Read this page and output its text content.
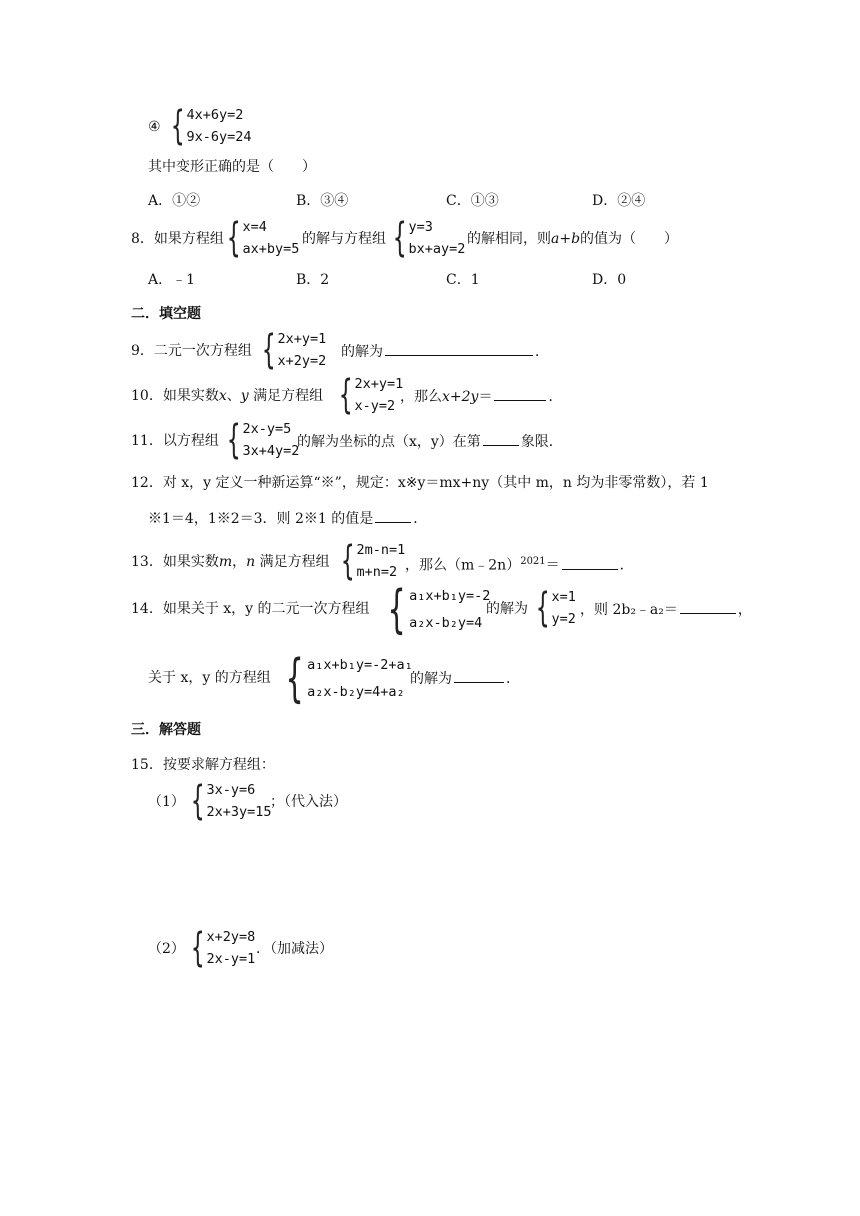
④ { 4x+6y=2
9x-6y=24
其中变形正确的是（　　）
A．①②	B．③④	C．①③	D．②④
8．如果方程组 { x=4
ax+by=5
的解与方程组 { y=3
bx+ay=2
的解相同，则a+b的值为（　　）
A．﹣1	B．2	C．1	D．0
二．填空题
9．二元一次方程组 { 2x+y=1
x+2y=2
的解为	．
10．如果实数x、y 满足方程组 { 2x+y=1
x-y=2
，那么x+2y＝	．
11．以方程组 { 2x-y=5
3x+4y=2
的解为坐标的点（x，y）在第	象限．
12．对 x，y 定义一种新运算“※”，规定：x※y＝mx+ny（其中 m，n 均为非零常数），若 1
※1＝4，1※2＝3．则 2※1 的值是	．
13．如果实数m，n 满足方程组 { 2m-n=1
m+n=2 ，那么（m﹣2n）$^{2021}$＝	．
14．如果关于 x，y 的二元一次方程组 { a₁x+b₁y=-2
a₂x-b₂y=4
的解为 { x=1
y=2
，则 2b₂﹣a₂＝	，
关于 x，y 的方程组 { a₁x+b₁y=-2+a₁
a₂x-b₂y=4+a₂
的解为	．
三．解答题
15．按要求解方程组：
（1） { 3x-y=6
2x+3y=15
；（代入法）
（2） { x+2y=8
2x-y=1
．（加减法）
